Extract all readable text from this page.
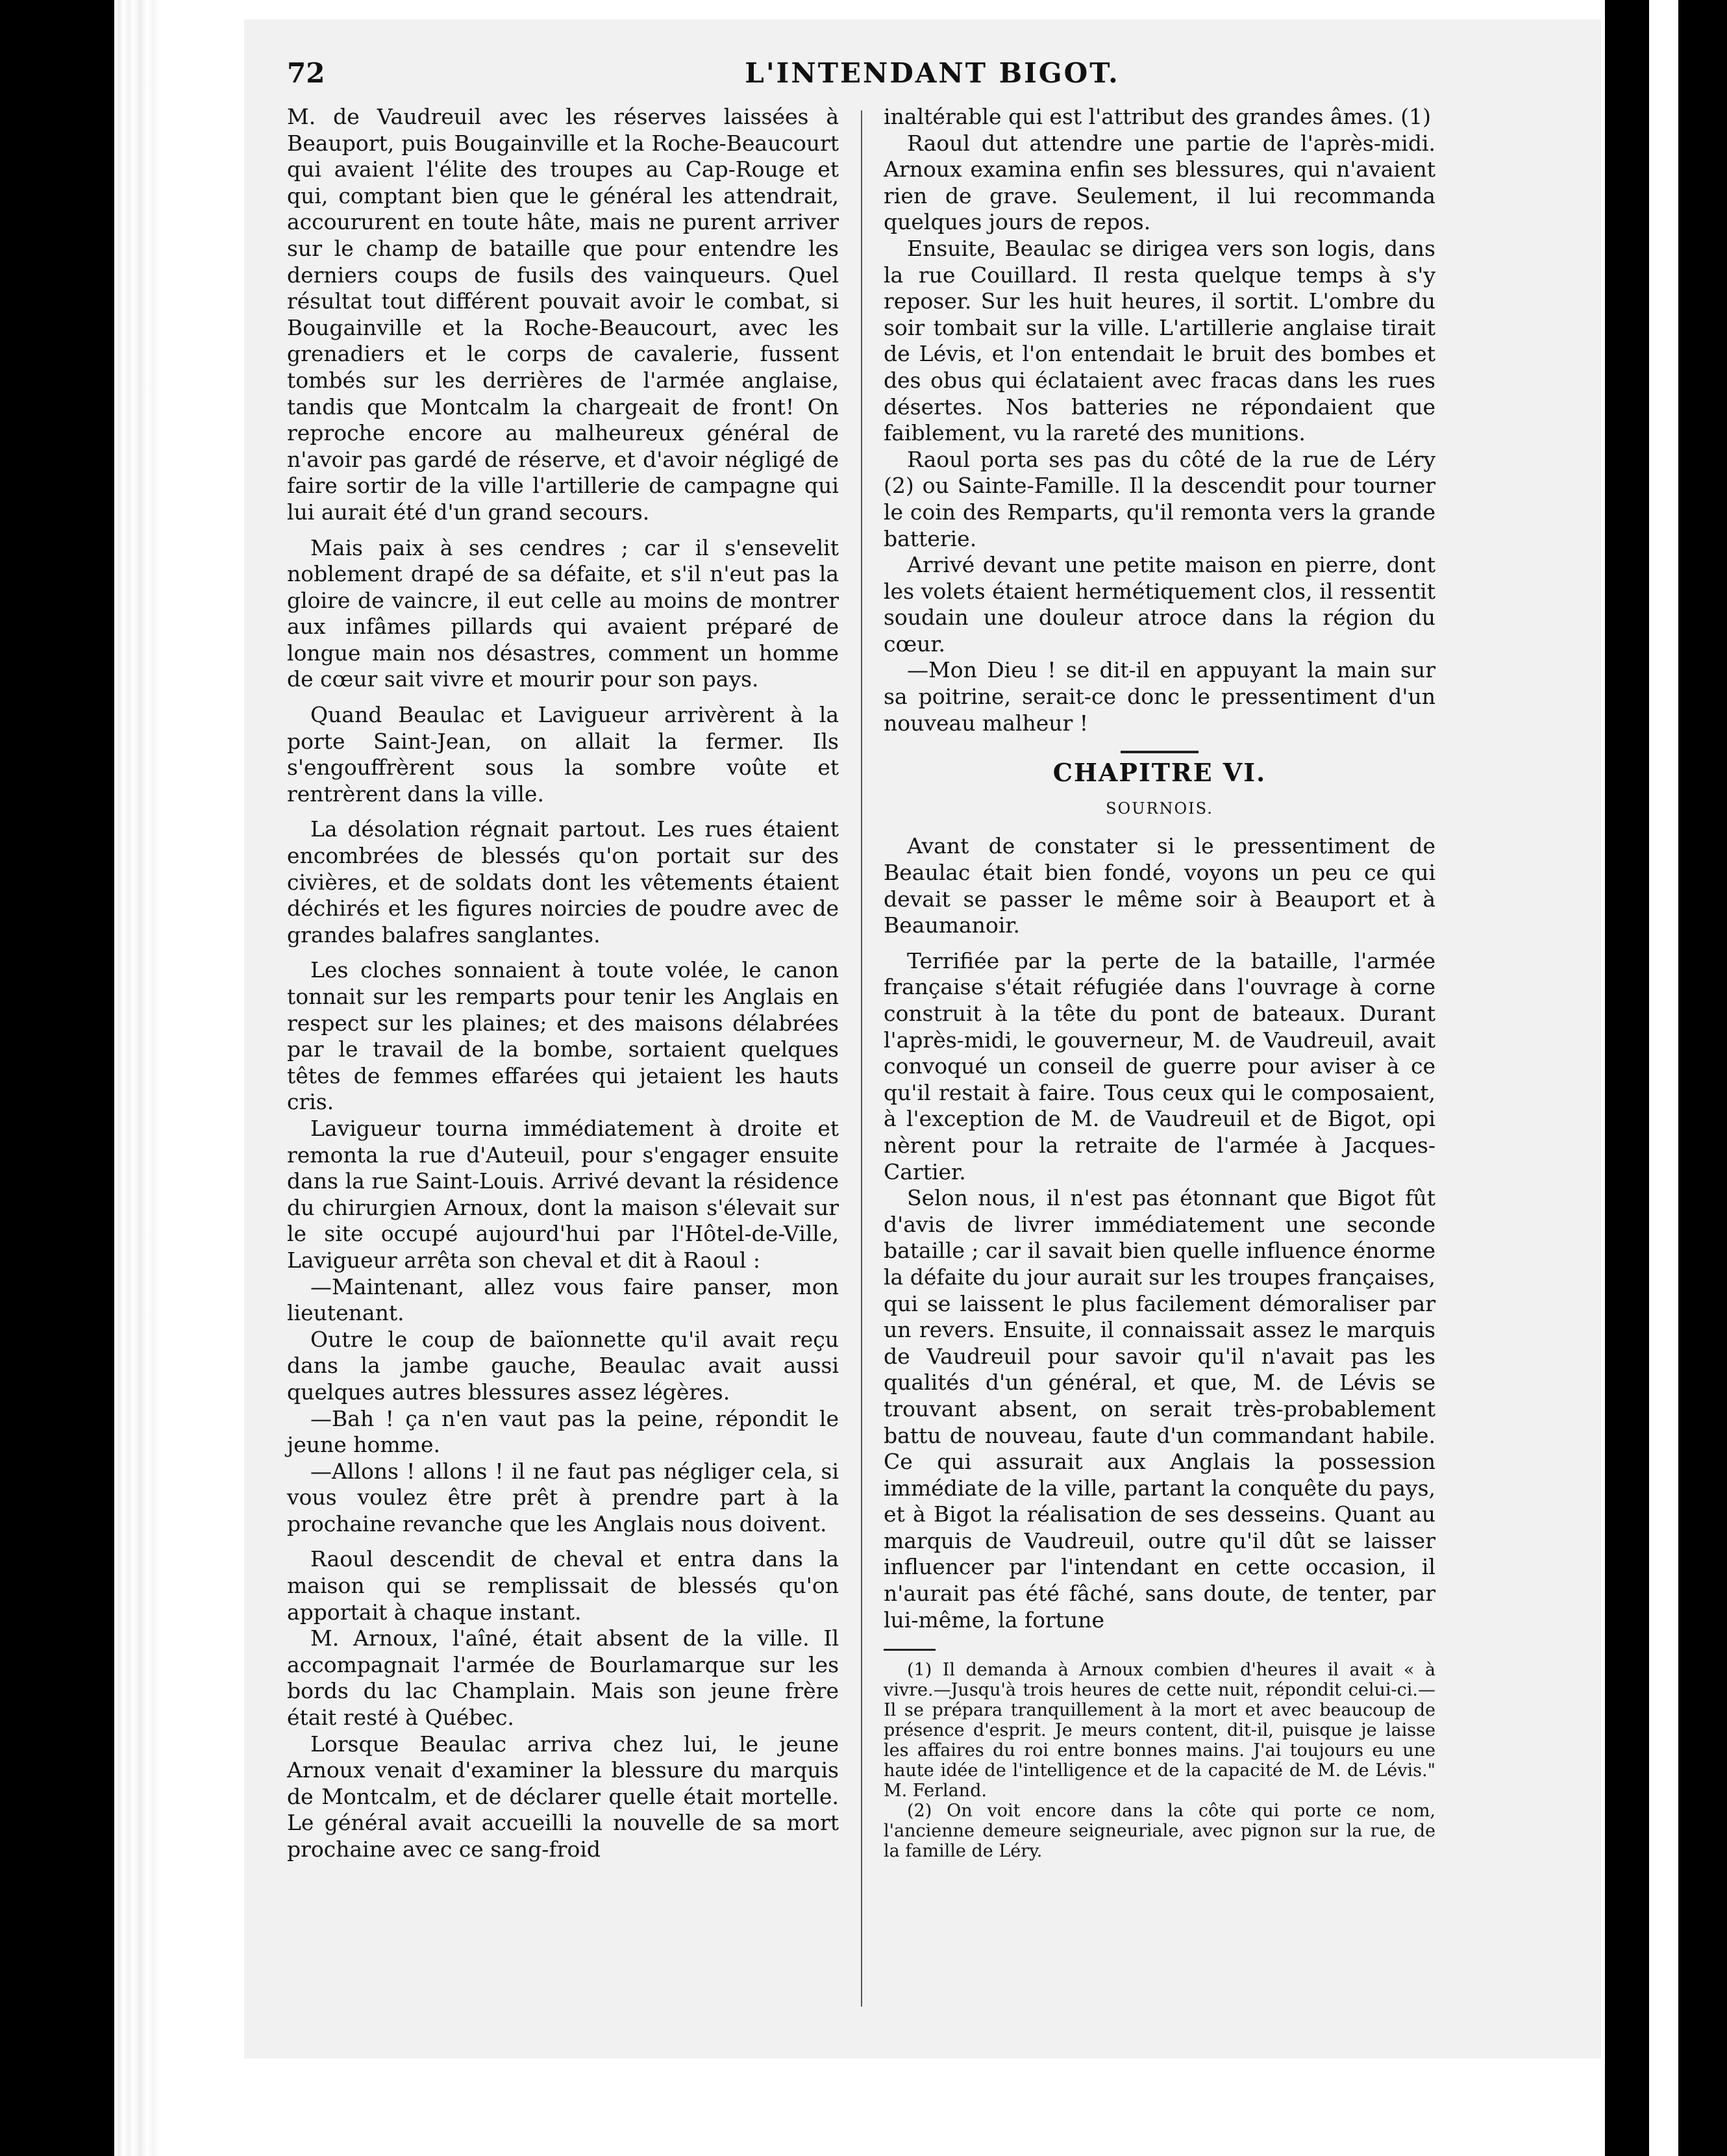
72	L'INTENDANT BIGOT.

M. de Vaudreuil avec les réserves laissées à Beauport, puis Bougainville et la Roche-Beaucourt qui avaient l'élite des troupes au Cap-Rouge et qui, comptant bien que le général les attendrait, accoururent en toute hâte, mais ne purent arriver sur le champ de bataille que pour entendre les derniers coups de fusils des vainqueurs. Quel résultat tout différent pouvait avoir le combat, si Bougainville et la Roche-Beaucourt, avec les grenadiers et le corps de cavalerie, fussent tombés sur les derrières de l'armée anglaise, tandis que Montcalm la chargeait de front! On reproche encore au malheureux général de n'avoir pas gardé de réserve, et d'avoir négligé de faire sortir de la ville l'artillerie de campagne qui lui aurait été d'un grand secours.

Mais paix à ses cendres ; car il s'ensevelit noblement drapé de sa défaite, et s'il n'eut pas la gloire de vaincre, il eut celle au moins de montrer aux infâmes pillards qui avaient préparé de longue main nos désastres, comment un homme de cœur sait vivre et mourir pour son pays.

Quand Beaulac et Lavigueur arrivèrent à la porte Saint-Jean, on allait la fermer. Ils s'engouffrèrent sous la sombre voûte et rentrèrent dans la ville.

La désolation régnait partout. Les rues étaient encombrées de blessés qu'on portait sur des civières, et de soldats dont les vêtements étaient déchirés et les figures noircies de poudre avec de grandes balafres sanglantes.

Les cloches sonnaient à toute volée, le canon tonnait sur les remparts pour tenir les Anglais en respect sur les plaines; et des maisons délabrées par le travail de la bombe, sortaient quelques têtes de femmes effarées qui jetaient les hauts cris.

Lavigueur tourna immédiatement à droite et remonta la rue d'Auteuil, pour s'engager ensuite dans la rue Saint-Louis. Arrivé devant la résidence du chirurgien Arnoux, dont la maison s'élevait sur le site occupé aujourd'hui par l'Hôtel-de-Ville, Lavigueur arrêta son cheval et dit à Raoul :

—Maintenant, allez vous faire panser, mon lieutenant.

Outre le coup de baïonnette qu'il avait reçu dans la jambe gauche, Beaulac avait aussi quelques autres blessures assez légères.

—Bah ! ça n'en vaut pas la peine, répondit le jeune homme.

—Allons ! allons ! il ne faut pas négliger cela, si vous voulez être prêt à prendre part à la prochaine revanche que les Anglais nous doivent.

Raoul descendit de cheval et entra dans la maison qui se remplissait de blessés qu'on apportait à chaque instant.

M. Arnoux, l'aîné, était absent de la ville. Il accompagnait l'armée de Bourlamarque sur les bords du lac Champlain. Mais son jeune frère était resté à Québec.

Lorsque Beaulac arriva chez lui, le jeune Arnoux venait d'examiner la blessure du marquis de Montcalm, et de déclarer quelle était mortelle. Le général avait accueilli la nouvelle de sa mort prochaine avec ce sang-froid

inaltérable qui est l'attribut des grandes âmes. (1)

Raoul dut attendre une partie de l'après-midi. Arnoux examina enfin ses blessures, qui n'avaient rien de grave. Seulement, il lui recommanda quelques jours de repos.

Ensuite, Beaulac se dirigea vers son logis, dans la rue Couillard. Il resta quelque temps à s'y reposer. Sur les huit heures, il sortit. L'ombre du soir tombait sur la ville. L'artillerie anglaise tirait de Lévis, et l'on entendait le bruit des bombes et des obus qui éclataient avec fracas dans les rues désertes. Nos batteries ne répondaient que faiblement, vu la rareté des munitions.

Raoul porta ses pas du côté de la rue de Léry (2) ou Sainte-Famille. Il la descendit pour tourner le coin des Remparts, qu'il remonta vers la grande batterie.

Arrivé devant une petite maison en pierre, dont les volets étaient hermétiquement clos, il ressentit soudain une douleur atroce dans la région du cœur.

—Mon Dieu ! se dit-il en appuyant la main sur sa poitrine, serait-ce donc le pressentiment d'un nouveau malheur !

CHAPITRE VI.
SOURNOIS.

Avant de constater si le pressentiment de Beaulac était bien fondé, voyons un peu ce qui devait se passer le même soir à Beauport et à Beaumanoir.

Terrifiée par la perte de la bataille, l'armée française s'était réfugiée dans l'ouvrage à corne construit à la tête du pont de bateaux. Durant l'après-midi, le gouverneur, M. de Vaudreuil, avait convoqué un conseil de guerre pour aviser à ce qu'il restait à faire. Tous ceux qui le composaient, à l'exception de M. de Vaudreuil et de Bigot, opi nèrent pour la retraite de l'armée à Jacques-Cartier.

Selon nous, il n'est pas étonnant que Bigot fût d'avis de livrer immédiatement une seconde bataille ; car il savait bien quelle influence énorme la défaite du jour aurait sur les troupes françaises, qui se laissent le plus facilement démoraliser par un revers. Ensuite, il connaissait assez le marquis de Vaudreuil pour savoir qu'il n'avait pas les qualités d'un général, et que, M. de Lévis se trouvant absent, on serait très-probablement battu de nouveau, faute d'un commandant habile. Ce qui assurait aux Anglais la possession immédiate de la ville, partant la conquête du pays, et à Bigot la réalisation de ses desseins. Quant au marquis de Vaudreuil, outre qu'il dût se laisser influencer par l'intendant en cette occasion, il n'aurait pas été fâché, sans doute, de tenter, par lui-même, la fortune

(1) Il demanda à Arnoux combien d'heures il avait « à vivre.—Jusqu'à trois heures de cette nuit, répondit celui-ci.—Il se prépara tranquillement à la mort et avec beaucoup de présence d'esprit. Je meurs content, dit-il, puisque je laisse les affaires du roi entre bonnes mains. J'ai toujours eu une haute idée de l'intelligence et de la capacité de M. de Lévis." M. Ferland.

(2) On voit encore dans la côte qui porte ce nom, l'ancienne demeure seigneuriale, avec pignon sur la rue, de la famille de Léry.
